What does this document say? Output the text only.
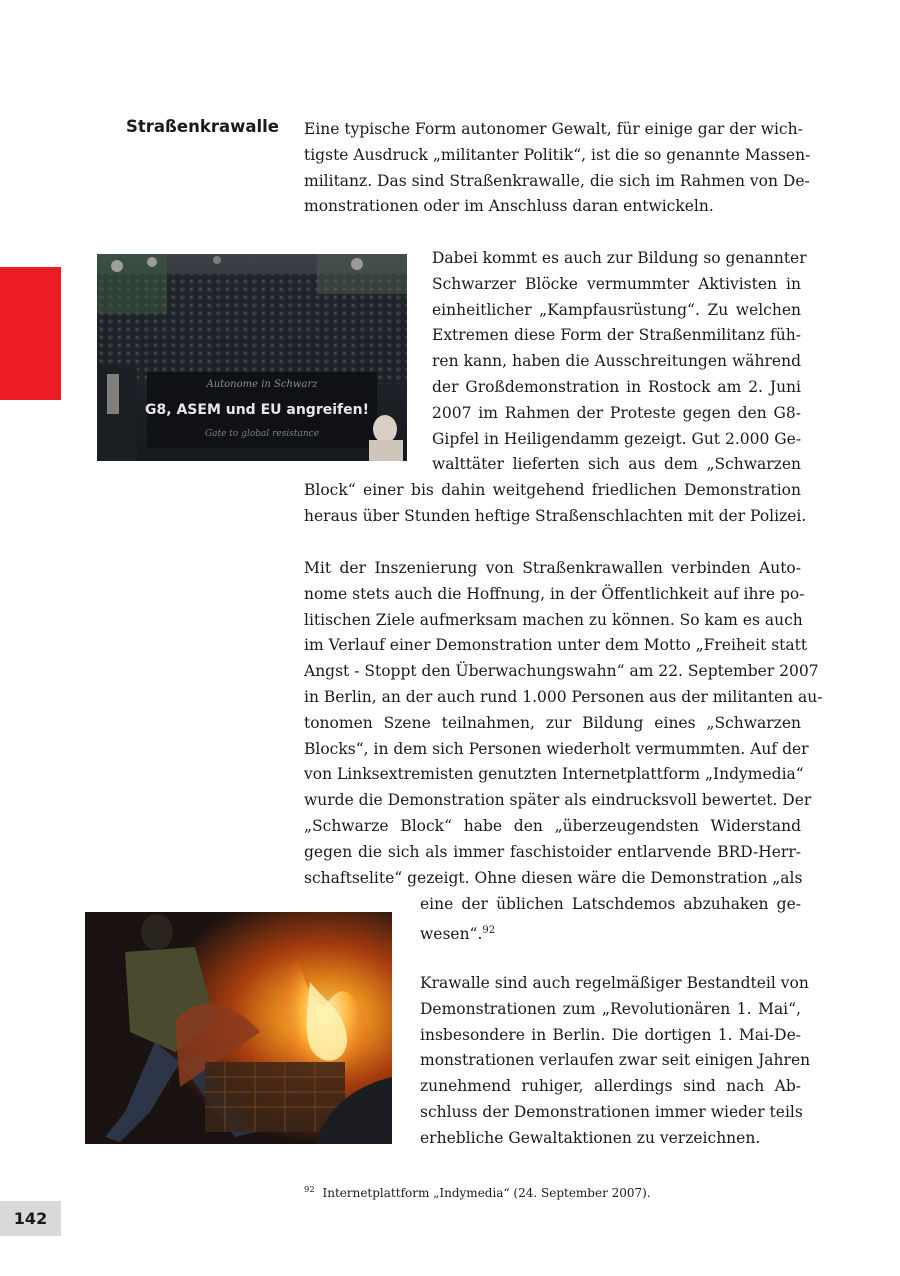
Straßenkrawalle Eine typische Form autonomer Gewalt, für einige gar der wich-
tigste Ausdruck „militanter Politik“, ist die so genannte Massen-
militanz. Das sind Straßenkrawalle, die sich im Rahmen von De-
monstrationen oder im Anschluss daran entwickeln.
Autonome in Schwarz
G8, ASEM und EU angreifen!
Gate to global resistance
Dabei kommt es auch zur Bildung so genannter
Schwarzer Blöcke vermummter Aktivisten in
einheitlicher „Kampfausrüstung“. Zu welchen
Extremen diese Form der Straßenmilitanz füh-
ren kann, haben die Ausschreitungen während
der Großdemonstration in Rostock am 2. Juni
2007 im Rahmen der Proteste gegen den G8-
Gipfel in Heiligendamm gezeigt. Gut 2.000 Ge-
walttäter lieferten sich aus dem „Schwarzen
Block“ einer bis dahin weitgehend friedlichen Demonstration
heraus über Stunden heftige Straßenschlachten mit der Polizei.
Mit der Inszenierung von Straßenkrawallen verbinden Auto-
nome stets auch die Hoffnung, in der Öffentlichkeit auf ihre po-
litischen Ziele aufmerksam machen zu können. So kam es auch
im Verlauf einer Demonstration unter dem Motto „Freiheit statt
Angst - Stoppt den Überwachungswahn“ am 22. September 2007
in Berlin, an der auch rund 1.000 Personen aus der militanten au-
tonomen Szene teilnahmen, zur Bildung eines „Schwarzen
Blocks“, in dem sich Personen wiederholt vermummten. Auf der
von Linksextremisten genutzten Internetplattform „Indymedia“
wurde die Demonstration später als eindrucksvoll bewertet. Der
„Schwarze Block“ habe den „überzeugendsten Widerstand
gegen die sich als immer faschistoider entlarvende BRD-Herr-
schaftselite“ gezeigt. Ohne diesen wäre die Demonstration „als
eine der üblichen Latschdemos abzuhaken ge-
wesen“.$^{92}$
Krawalle sind auch regelmäßiger Bestandteil von
Demonstrationen zum „Revolutionären 1. Mai“,
insbesondere in Berlin. Die dortigen 1. Mai-De-
monstrationen verlaufen zwar seit einigen Jahren
zunehmend ruhiger, allerdings sind nach Ab-
schluss der Demonstrationen immer wieder teils
erhebliche Gewaltaktionen zu verzeichnen.
$^{92}$ Internetplattform „Indymedia“ (24. September 2007).
142
